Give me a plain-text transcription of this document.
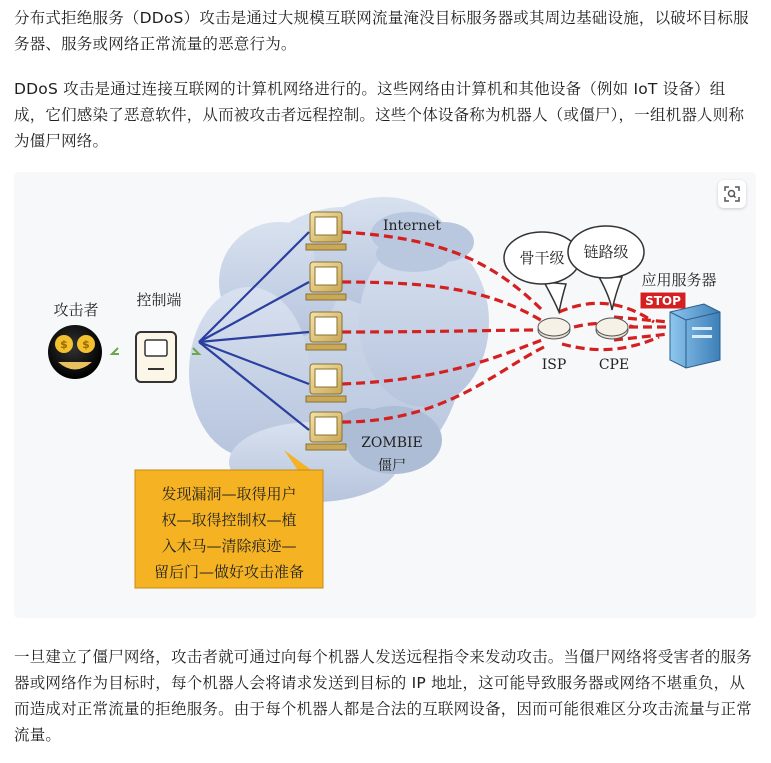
分布式拒绝服务（DDoS）攻击是通过大规模互联网流量淹没目标服务器或其周边基础设施，以破坏目标服务器、服务或网络正常流量的恶意行为。

DDoS 攻击是通过连接互联网的计算机网络进行的。这些网络由计算机和其他设备（例如 IoT 设备）组成，它们感染了恶意软件，从而被攻击者远程控制。这些个体设备称为机器人（或僵尸），一组机器人则称为僵尸网络。

$ $
攻击者
控制端
Internet
ZOMBIE
僵尸
骨干级 链路级
ISP CPE
应用服务器
STOP
发现漏洞—取得用户
权—取得控制权—植
入木马—清除痕迹—
留后门—做好攻击准备

一旦建立了僵尸网络，攻击者就可通过向每个机器人发送远程指令来发动攻击。当僵尸网络将受害者的服务器或网络作为目标时，每个机器人会将请求发送到目标的 IP 地址，这可能导致服务器或网络不堪重负，从而造成对正常流量的拒绝服务。由于每个机器人都是合法的互联网设备，因而可能很难区分攻击流量与正常流量。
